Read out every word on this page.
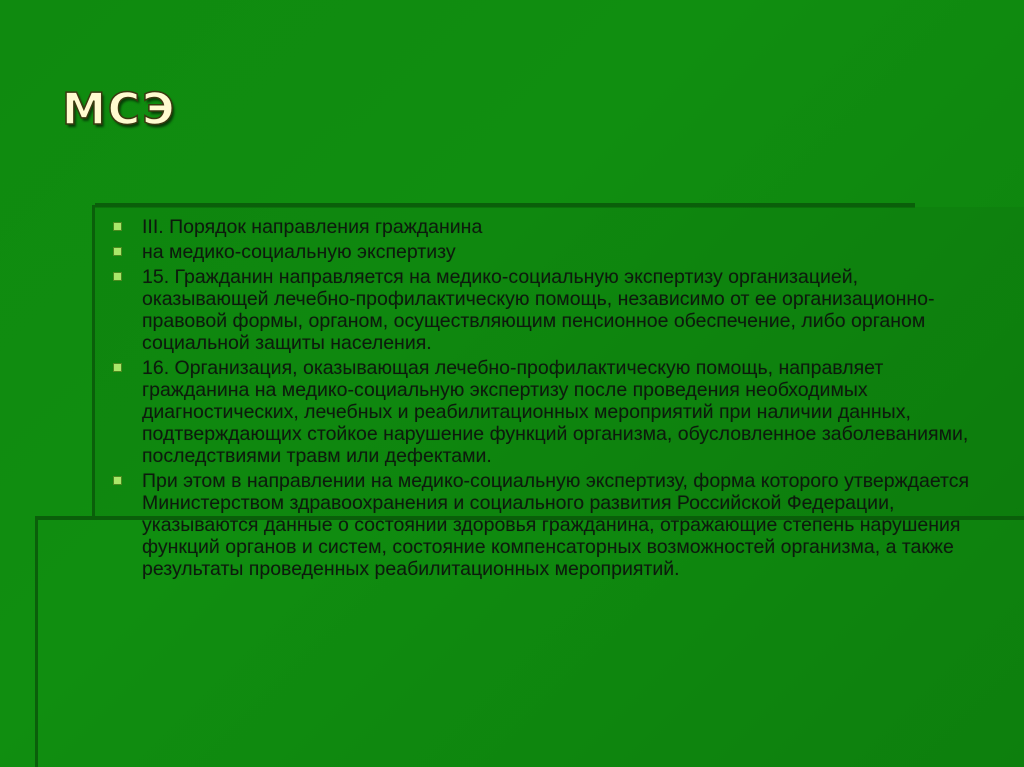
МСЭ
III. Порядок направления гражданина
на медико-социальную экспертизу
15. Гражданин направляется на медико-социальную экспертизу организацией, оказывающей лечебно-профилактическую помощь, независимо от ее организационно-правовой формы, органом, осуществляющим пенсионное обеспечение, либо органом социальной защиты населения.
16. Организация, оказывающая лечебно-профилактическую помощь, направляет гражданина на медико-социальную экспертизу после проведения необходимых диагностических, лечебных и реабилитационных мероприятий при наличии данных, подтверждающих стойкое нарушение функций организма, обусловленное заболеваниями, последствиями травм или дефектами.
При этом в направлении на медико-социальную экспертизу, форма которого утверждается Министерством здравоохранения и социального развития Российской Федерации, указываются данные о состоянии здоровья гражданина, отражающие степень нарушения функций органов и систем, состояние компенсаторных возможностей организма, а также результаты проведенных реабилитационных мероприятий.
